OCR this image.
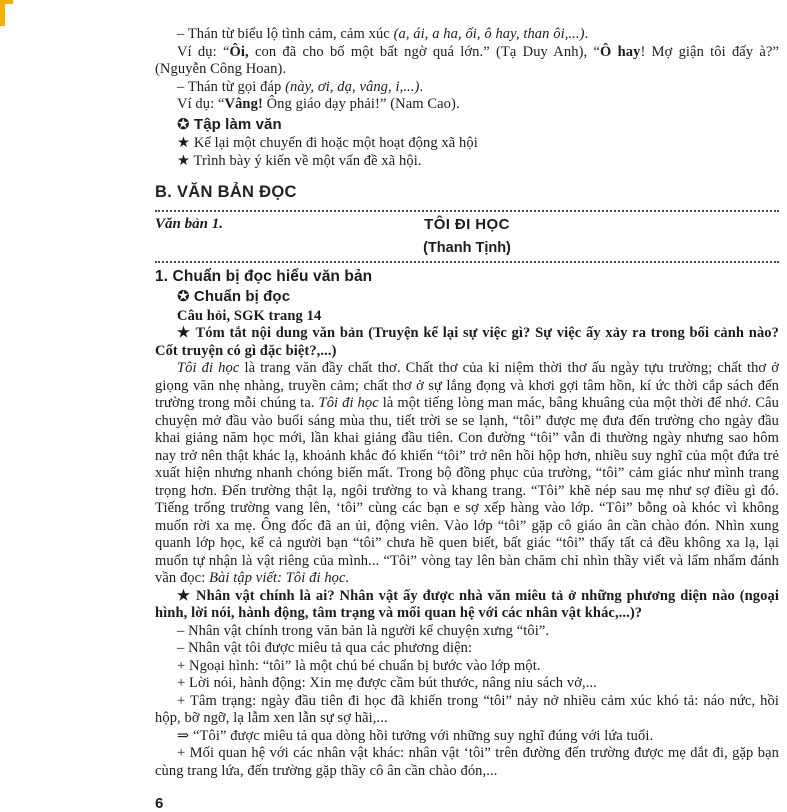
– Thán từ biểu lộ tình cảm, cảm xúc (a, ái, a ha, ối, ô hay, than ôi,...).

Ví dụ: “Ôi, con đã cho bố một bất ngờ quá lớn.” (Tạ Duy Anh), “Ô hay! Mợ giận tôi đấy à?” (Nguyễn Công Hoan).

– Thán từ gọi đáp (này, ơi, dạ, vâng, i,...).

Ví dụ: “Vâng! Ông giáo dạy phải!” (Nam Cao).

✪ Tập làm văn

★ Kể lại một chuyến đi hoặc một hoạt động xã hội

★ Trình bày ý kiến về một vấn đề xã hội.

B. VĂN BẢN ĐỌC
Văn bản 1.	TÔI ĐI HỌC
(Thanh Tịnh)

1. Chuẩn bị đọc hiểu văn bản

✪ Chuẩn bị đọc

Câu hỏi, SGK trang 14

★ Tóm tắt nội dung văn bản (Truyện kể lại sự việc gì? Sự việc ấy xảy ra trong bối cảnh nào? Cốt truyện có gì đặc biệt?,...)

Tôi đi học là trang văn đầy chất thơ. Chất thơ của kỉ niệm thời thơ ấu ngày tựu trường; chất thơ ở giọng văn nhẹ nhàng, truyền cảm; chất thơ ở sự lắng đọng và khơi gợi tâm hồn, kí ức thời cắp sách đến trường trong mỗi chúng ta. Tôi đi học là một tiếng lòng man mác, bâng khuâng của một thời để nhớ. Câu chuyện mở đầu vào buổi sáng mùa thu, tiết trời se se lạnh, “tôi” được mẹ đưa đến trường cho ngày đầu khai giảng năm học mới, lần khai giảng đầu tiên. Con đường “tôi” vẫn đi thường ngày nhưng sao hôm nay trở nên thật khác lạ, khoảnh khắc đó khiến “tôi” trở nên hồi hộp hơn, nhiều suy nghĩ của một đứa trẻ xuất hiện nhưng nhanh chóng biến mất. Trong bộ đồng phục của trường, “tôi” cảm giác như mình trang trọng hơn. Đến trường thật lạ, ngôi trường to và khang trang. “Tôi” khẽ nép sau mẹ như sợ điều gì đó. Tiếng trống trường vang lên, ‘tôi” cùng các bạn e sợ xếp hàng vào lớp. “Tôi” bỗng oà khóc vì không muốn rời xa mẹ. Ông đốc đã an ủi, động viên. Vào lớp “tôi” gặp cô giáo ân cần chào đón. Nhìn xung quanh lớp học, kể cả người bạn “tôi” chưa hề quen biết, bất giác “tôi” thấy tất cả đều không xa lạ, lại muốn tự nhận là vật riêng của mình... “Tôi” vòng tay lên bàn chăm chỉ nhìn thầy viết và lẩm nhẩm đánh vần đọc: Bài tập viết: Tôi đi học.

★ Nhân vật chính là ai? Nhân vật ấy được nhà văn miêu tả ở những phương diện nào (ngoại hình, lời nói, hành động, tâm trạng và mối quan hệ với các nhân vật khác,...)?

– Nhân vật chính trong văn bản là người kể chuyện xưng “tôi”.

– Nhân vật tôi được miêu tả qua các phương diện:

+ Ngoại hình: “tôi” là một chú bé chuẩn bị bước vào lớp một.

+ Lời nói, hành động: Xin mẹ được cầm bút thước, nâng niu sách vở,...

+ Tâm trạng: ngày đầu tiên đi học đã khiến trong “tôi” nảy nở nhiều cảm xúc khó tả: náo nức, hồi hộp, bỡ ngỡ, lạ lẫm xen lẫn sự sợ hãi,...

⇒ “Tôi” được miêu tả qua dòng hồi tưởng với những suy nghĩ đúng với lứa tuổi.

+ Mối quan hệ với các nhân vật khác: nhân vật ‘tôi” trên đường đến trường được mẹ dắt đi, gặp bạn cùng trang lứa, đến trường gặp thầy cô ân cần chào đón,...

6
